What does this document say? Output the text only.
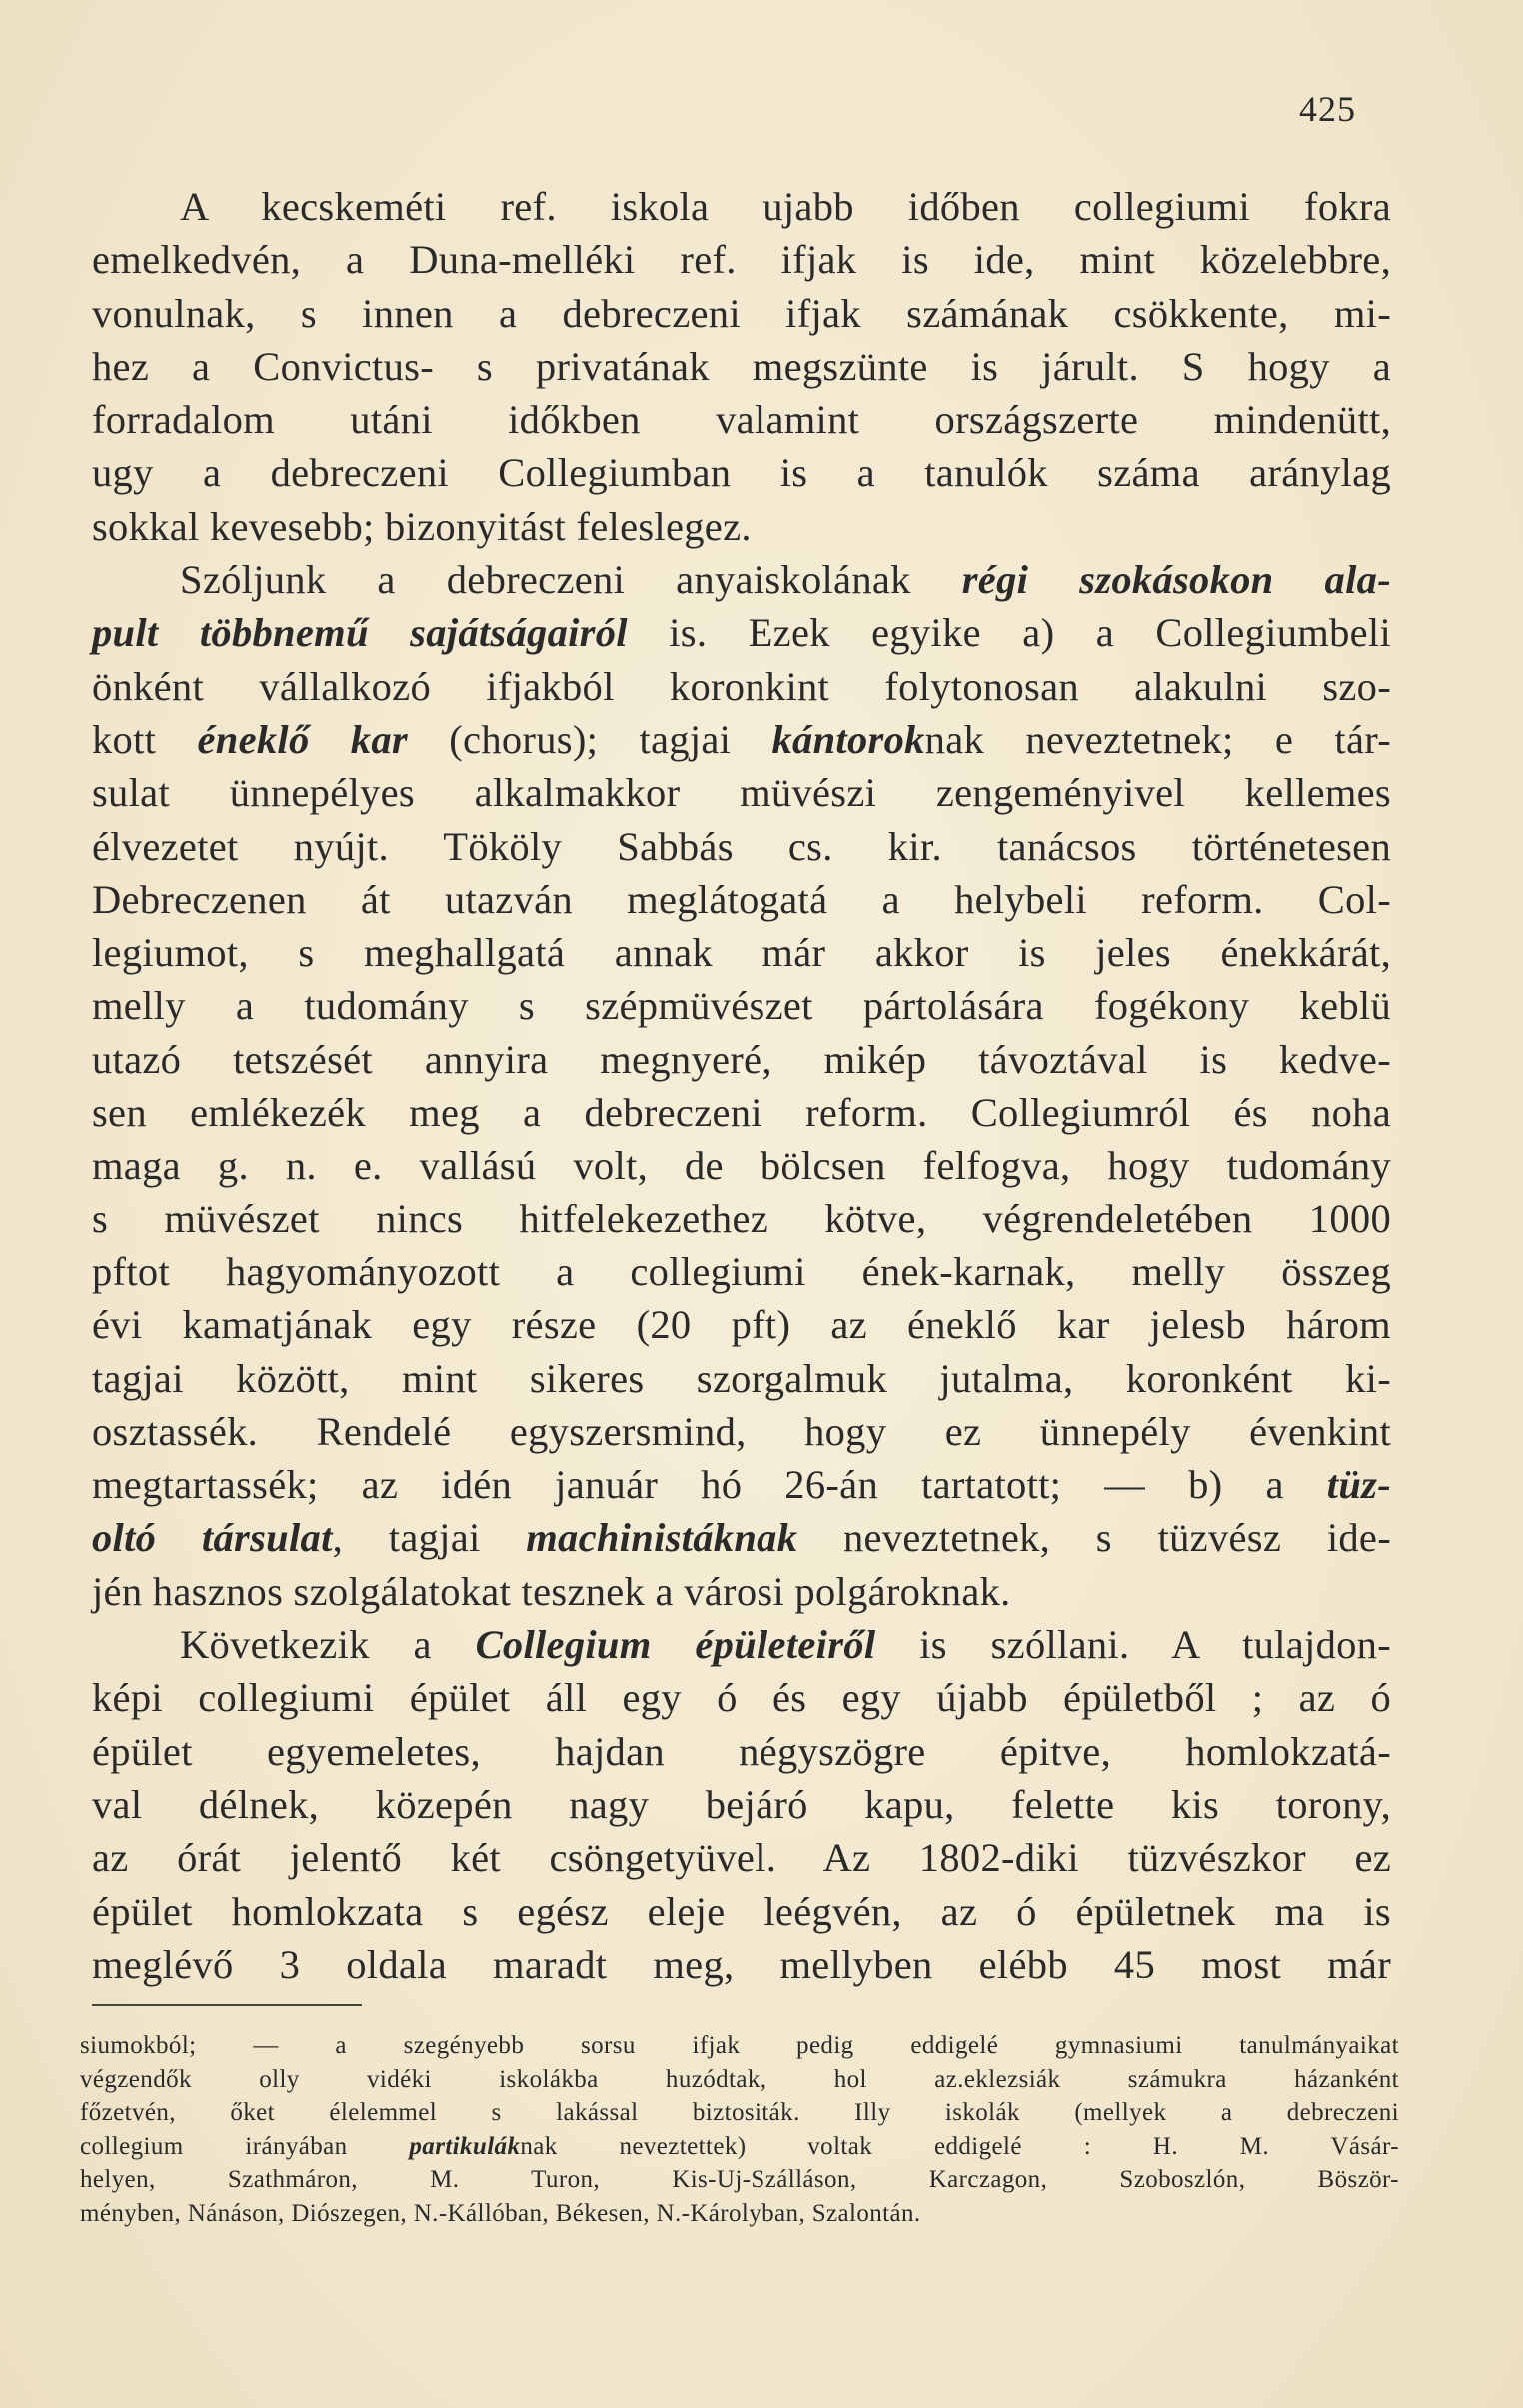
425
A kecskeméti ref. iskola ujabb időben collegiumi fokra
emelkedvén, a Duna-melléki ref. ifjak is ide, mint közelebbre,
vonulnak, s innen a debreczeni ifjak számának csökkente, mi-
hez a Convictus- s privatának megszünte is járult. S hogy a
forradalom utáni időkben valamint országszerte mindenütt,
ugy a debreczeni Collegiumban is a tanulók száma aránylag
sokkal kevesebb; bizonyitást feleslegez.
Szóljunk a debreczeni anyaiskolának régi szokásokon ala-
pult többnemű sajátságairól is. Ezek egyike a) a Collegiumbeli
önként vállalkozó ifjakból koronkint folytonosan alakulni szo-
kott éneklő kar (chorus); tagjai kántoroknak neveztetnek; e tár-
sulat ünnepélyes alkalmakkor müvészi zengeményivel kellemes
élvezetet nyújt. Tököly Sabbás cs. kir. tanácsos történetesen
Debreczenen át utazván meglátogatá a helybeli reform. Col-
legiumot, s meghallgatá annak már akkor is jeles énekkárát,
melly a tudomány s szépmüvészet pártolására fogékony keblü
utazó tetszését annyira megnyeré, mikép távoztával is kedve-
sen emlékezék meg a debreczeni reform. Collegiumról és noha
maga g. n. e. vallású volt, de bölcsen felfogva, hogy tudomány
s müvészet nincs hitfelekezethez kötve, végrendeletében 1000
pftot hagyományozott a collegiumi ének-karnak, melly összeg
évi kamatjának egy része (20 pft) az éneklő kar jelesb három
tagjai között, mint sikeres szorgalmuk jutalma, koronként ki-
osztassék. Rendelé egyszersmind, hogy ez ünnepély évenkint
megtartassék; az idén január hó 26-án tartatott; — b) a tüz-
oltó társulat, tagjai machinistáknak neveztetnek, s tüzvész ide-
jén hasznos szolgálatokat tesznek a városi polgároknak.
Következik a Collegium épületeiről is szóllani. A tulajdon-
képi collegiumi épület áll egy ó és egy újabb épületből ; az ó
épület egyemeletes, hajdan négyszögre épitve, homlokzatá-
val délnek, közepén nagy bejáró kapu, felette kis torony,
az órát jelentő két csöngetyüvel. Az 1802-diki tüzvészkor ez
épület homlokzata s egész eleje leégvén, az ó épületnek ma is
meglévő 3 oldala maradt meg, mellyben elébb 45 most már
siumokból; — a szegényebb sorsu ifjak pedig eddigelé gymnasiumi tanulmányaikat
végzendők olly vidéki iskolákba huzódtak, hol az.eklezsiák számukra házanként
főzetvén, őket élelemmel s lakással biztositák. Illy iskolák (mellyek a debreczeni
collegium irányában partikuláknak neveztettek) voltak eddigelé : H. M. Vásár-
helyen, Szathmáron, M. Turon, Kis-Uj-Szálláson, Karczagon, Szoboszlón, Böször-
ményben, Nánáson, Diószegen, N.-Kállóban, Békesen, N.-Károlyban, Szalontán.
